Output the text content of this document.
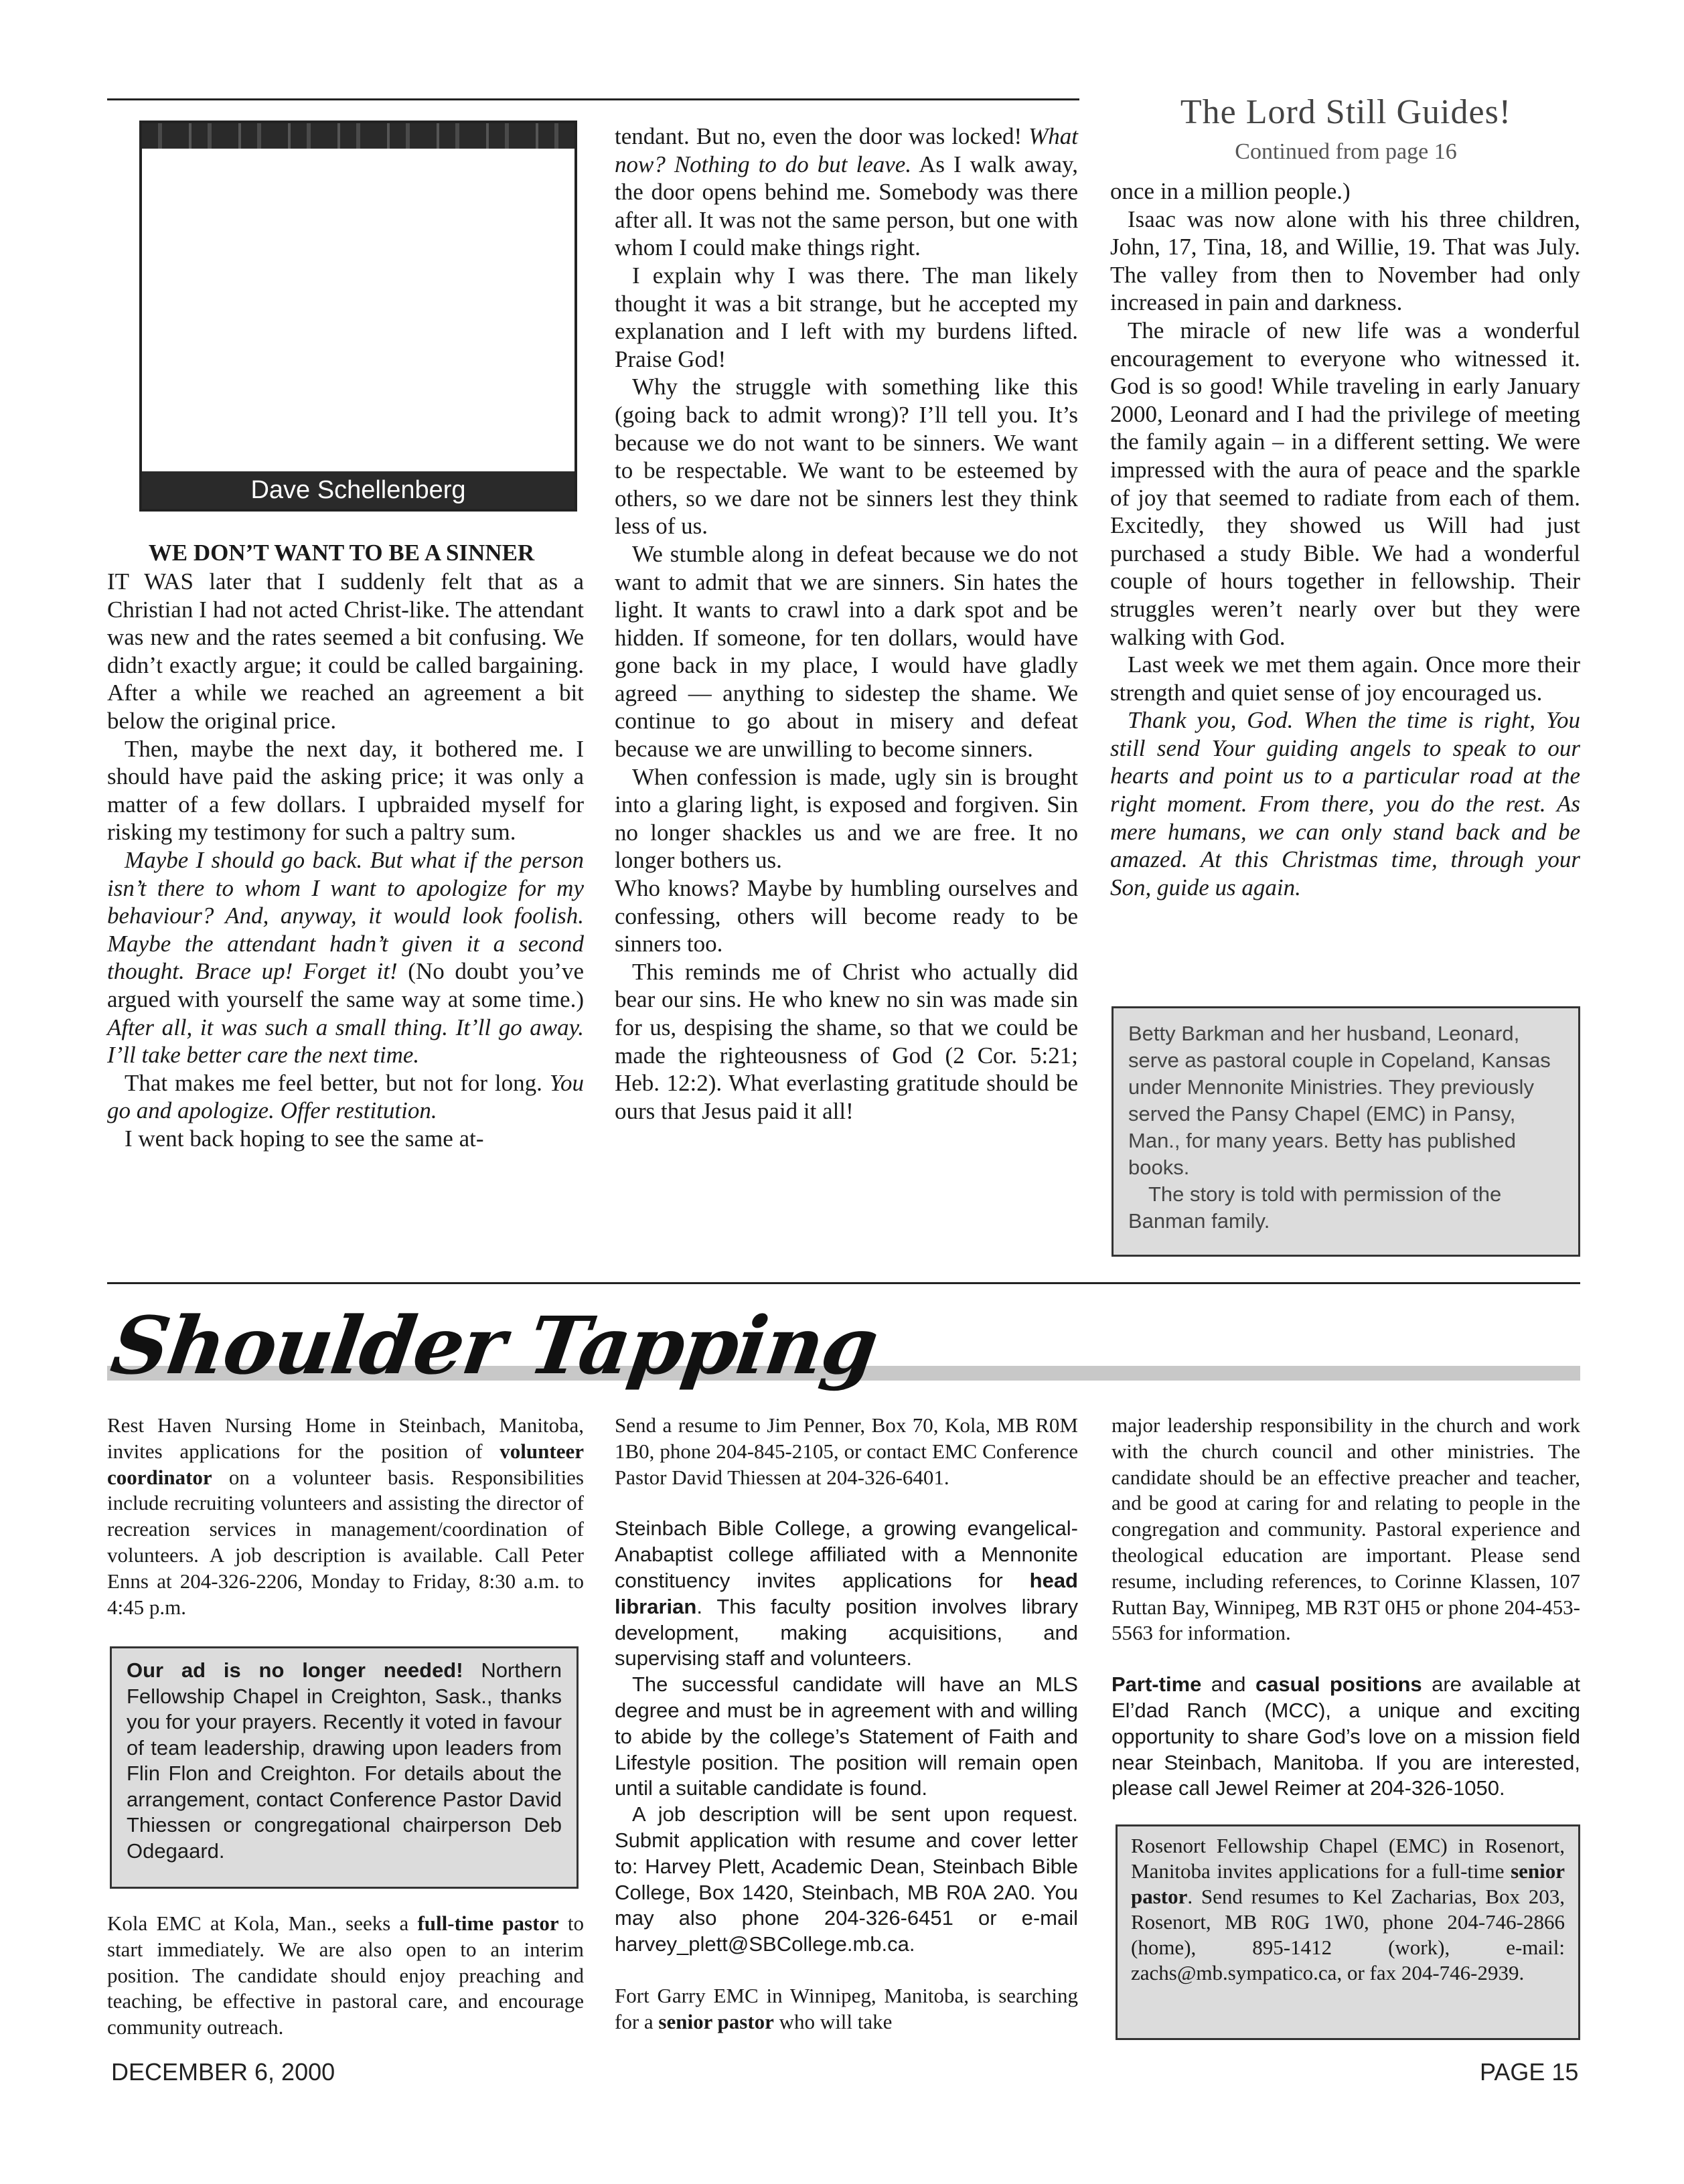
Dave Schellenberg
WE DON’T WANT TO BE A SINNER

IT WAS later that I suddenly felt that as a Christian I had not acted Christ-like. The attendant was new and the rates seemed a bit confusing. We didn’t exactly argue; it could be called bargaining. After a while we reached an agreement a bit below the original price.

Then, maybe the next day, it bothered me. I should have paid the asking price; it was only a matter of a few dollars. I upbraided myself for risking my testimony for such a paltry sum.

Maybe I should go back. But what if the person isn’t there to whom I want to apologize for my behaviour? And, anyway, it would look foolish. Maybe the attendant hadn’t given it a second thought. Brace up! Forget it! (No doubt you’ve argued with yourself the same way at some time.) After all, it was such a small thing. It’ll go away. I’ll take better care the next time.

That makes me feel better, but not for long. You go and apologize. Offer restitution.

I went back hoping to see the same at-

tendant. But no, even the door was locked! What now? Nothing to do but leave. As I walk away, the door opens behind me. Somebody was there after all. It was not the same person, but one with whom I could make things right.

I explain why I was there. The man likely thought it was a bit strange, but he accepted my explanation and I left with my burdens lifted. Praise God!

Why the struggle with something like this (going back to admit wrong)? I’ll tell you. It’s because we do not want to be sinners. We want to be respectable. We want to be esteemed by others, so we dare not be sinners lest they think less of us.

We stumble along in defeat because we do not want to admit that we are sinners. Sin hates the light. It wants to crawl into a dark spot and be hidden. If someone, for ten dollars, would have gone back in my place, I would have gladly agreed — anything to sidestep the shame. We continue to go about in misery and defeat because we are unwilling to become sinners.

When confession is made, ugly sin is brought into a glaring light, is exposed and forgiven. Sin no longer shackles us and we are free. It no longer bothers us.

Who knows? Maybe by humbling ourselves and confessing, others will become ready to be sinners too.

This reminds me of Christ who actually did bear our sins. He who knew no sin was made sin for us, despising the shame, so that we could be made the righteousness of God (2 Cor. 5:21; Heb. 12:2). What everlasting gratitude should be ours that Jesus paid it all!

The Lord Still Guides!
Continued from page 16

once in a million people.)

Isaac was now alone with his three children, John, 17, Tina, 18, and Willie, 19. That was July. The valley from then to November had only increased in pain and darkness.

The miracle of new life was a wonderful encouragement to everyone who witnessed it. God is so good! While traveling in early January 2000, Leonard and I had the privilege of meeting the family again – in a different setting. We were impressed with the aura of peace and the sparkle of joy that seemed to radiate from each of them. Excitedly, they showed us Will had just purchased a study Bible. We had a wonderful couple of hours together in fellowship. Their struggles weren’t nearly over but they were walking with God.

Last week we met them again. Once more their strength and quiet sense of joy encouraged us.

Thank you, God. When the time is right, You still send Your guiding angels to speak to our hearts and point us to a particular road at the right moment. From there, you do the rest. As mere humans, we can only stand back and be amazed. At this Christmas time, through your Son, guide us again.

Betty Barkman and her husband, Leonard, serve as pastoral couple in Copeland, Kansas under Mennonite Ministries. They previously served the Pansy Chapel (EMC) in Pansy, Man., for many years. Betty has published books.

The story is told with permission of the Banman family.

Shoulder Tapping

Rest Haven Nursing Home in Steinbach, Manitoba, invites applications for the position of volunteer coordinator on a volunteer basis. Responsibilities include recruiting volunteers and assisting the director of recreation services in management/coordination of volunteers. A job description is available. Call Peter Enns at 204-326-2206, Monday to Friday, 8:30 a.m. to 4:45 p.m.

Our ad is no longer needed! Northern Fellowship Chapel in Creighton, Sask., thanks you for your prayers. Recently it voted in favour of team leadership, drawing upon leaders from Flin Flon and Creighton. For details about the arrangement, contact Conference Pastor David Thiessen or congregational chairperson Deb Odegaard.

Kola EMC at Kola, Man., seeks a full-time pastor to start immediately. We are also open to an interim position. The candidate should enjoy preaching and teaching, be effective in pastoral care, and encourage community outreach.

Send a resume to Jim Penner, Box 70, Kola, MB R0M 1B0, phone 204-845-2105, or contact EMC Conference Pastor David Thiessen at 204-326-6401.

Steinbach Bible College, a growing evangelical-Anabaptist college affiliated with a Mennonite constituency invites applications for head librarian. This faculty position involves library development, making acquisitions, and supervising staff and volunteers.

The successful candidate will have an MLS degree and must be in agreement with and willing to abide by the college’s Statement of Faith and Lifestyle position. The position will remain open until a suitable candidate is found.

A job description will be sent upon request. Submit application with resume and cover letter to: Harvey Plett, Academic Dean, Steinbach Bible College, Box 1420, Steinbach, MB R0A 2A0. You may also phone 204-326-6451 or e-mail harvey_plett@SBCollege.mb.ca.

Fort Garry EMC in Winnipeg, Manitoba, is searching for a senior pastor who will take

major leadership responsibility in the church and work with the church council and other ministries. The candidate should be an effective preacher and teacher, and be good at caring for and relating to people in the congregation and community. Pastoral experience and theological education are important. Please send resume, including references, to Corinne Klassen, 107 Ruttan Bay, Winnipeg, MB R3T 0H5 or phone 204-453-5563 for information.

Part-time and casual positions are available at El’dad Ranch (MCC), a unique and exciting opportunity to share God’s love on a mission field near Steinbach, Manitoba. If you are interested, please call Jewel Reimer at 204-326-1050.

Rosenort Fellowship Chapel (EMC) in Rosenort, Manitoba invites applications for a full-time senior pastor. Send resumes to Kel Zacharias, Box 203, Rosenort, MB R0G 1W0, phone 204-746-2866 (home), 895-1412 (work), e-mail: zachs@mb.sympatico.ca, or fax 204-746-2939.

DECEMBER 6, 2000	PAGE 15
